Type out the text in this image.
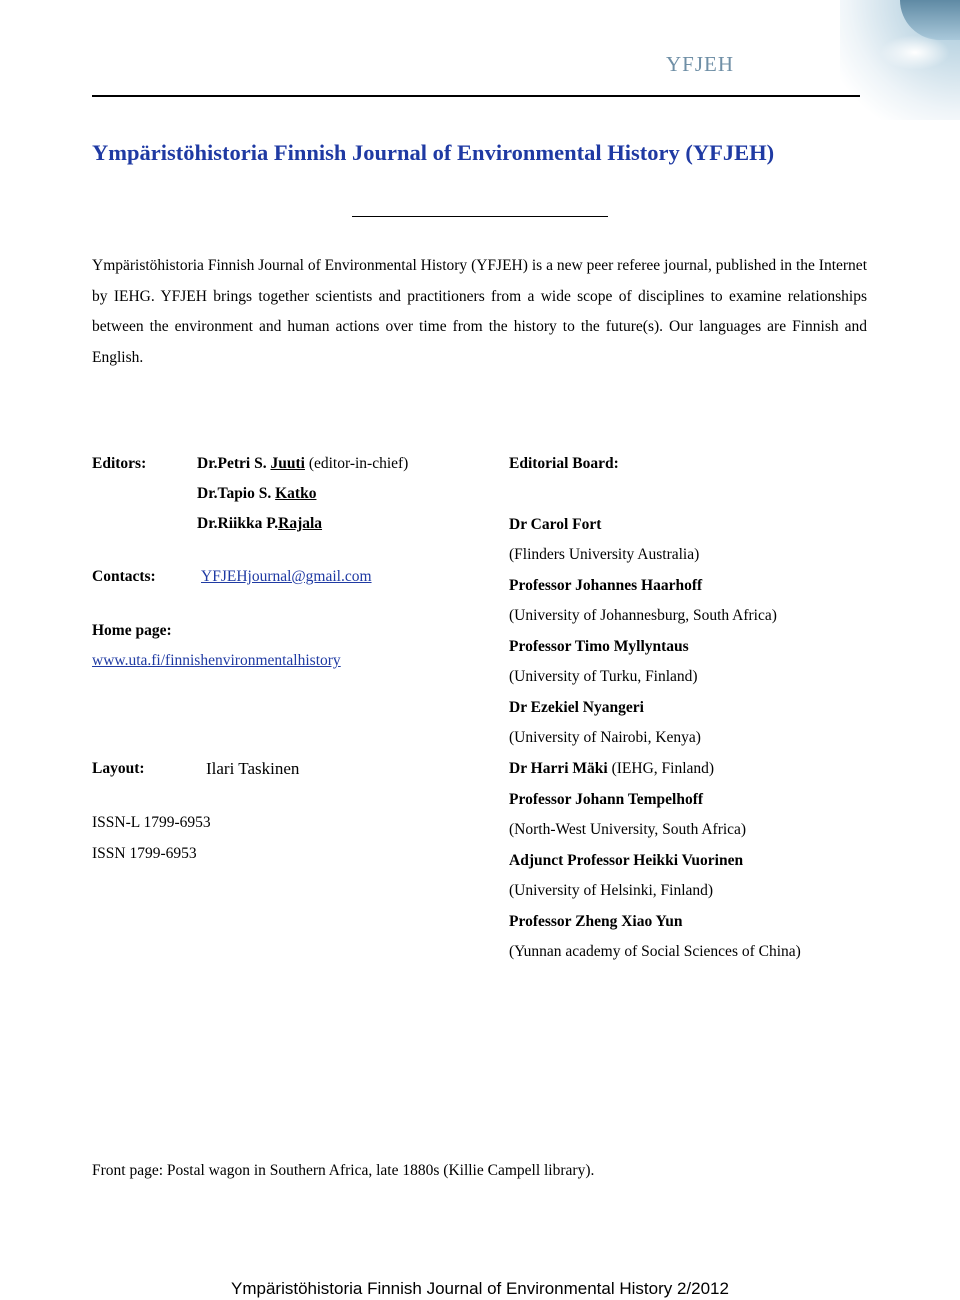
YFJEH
Ympäristöhistoria Finnish Journal of Environmental History (YFJEH)
Ympäristöhistoria Finnish Journal of Environmental History (YFJEH) is a new peer referee journal, published in the Internet by IEHG. YFJEH brings together scientists and practitioners from a wide scope of disciplines to examine relationships between the environment and human actions over time from the history to the future(s). Our languages are Finnish and English.
Editors:	Dr.Petri S. Juuti (editor-in-chief)
Dr.Tapio S. Katko
Dr.Riikka P.Rajala
Contacts:	YFJEHjournal@gmail.com
Home page:
www.uta.fi/finnishenvironmentalhistory
Layout:	Ilari Taskinen
ISSN-L 1799-6953
ISSN 1799-6953
Editorial Board:
Dr Carol Fort
(Flinders University Australia)
Professor Johannes Haarhoff
(University of Johannesburg, South Africa)
Professor Timo Myllyntaus
(University of Turku, Finland)
Dr Ezekiel Nyangeri
(University of Nairobi, Kenya)
Dr Harri Mäki (IEHG, Finland)
Professor Johann Tempelhoff
(North-West University, South Africa)
Adjunct Professor Heikki Vuorinen
(University of Helsinki, Finland)
Professor Zheng Xiao Yun
(Yunnan academy of Social Sciences of China)
Front page: Postal wagon in Southern Africa, late 1880s (Killie Campell library).
Ympäristöhistoria Finnish Journal of Environmental History 2/2012
